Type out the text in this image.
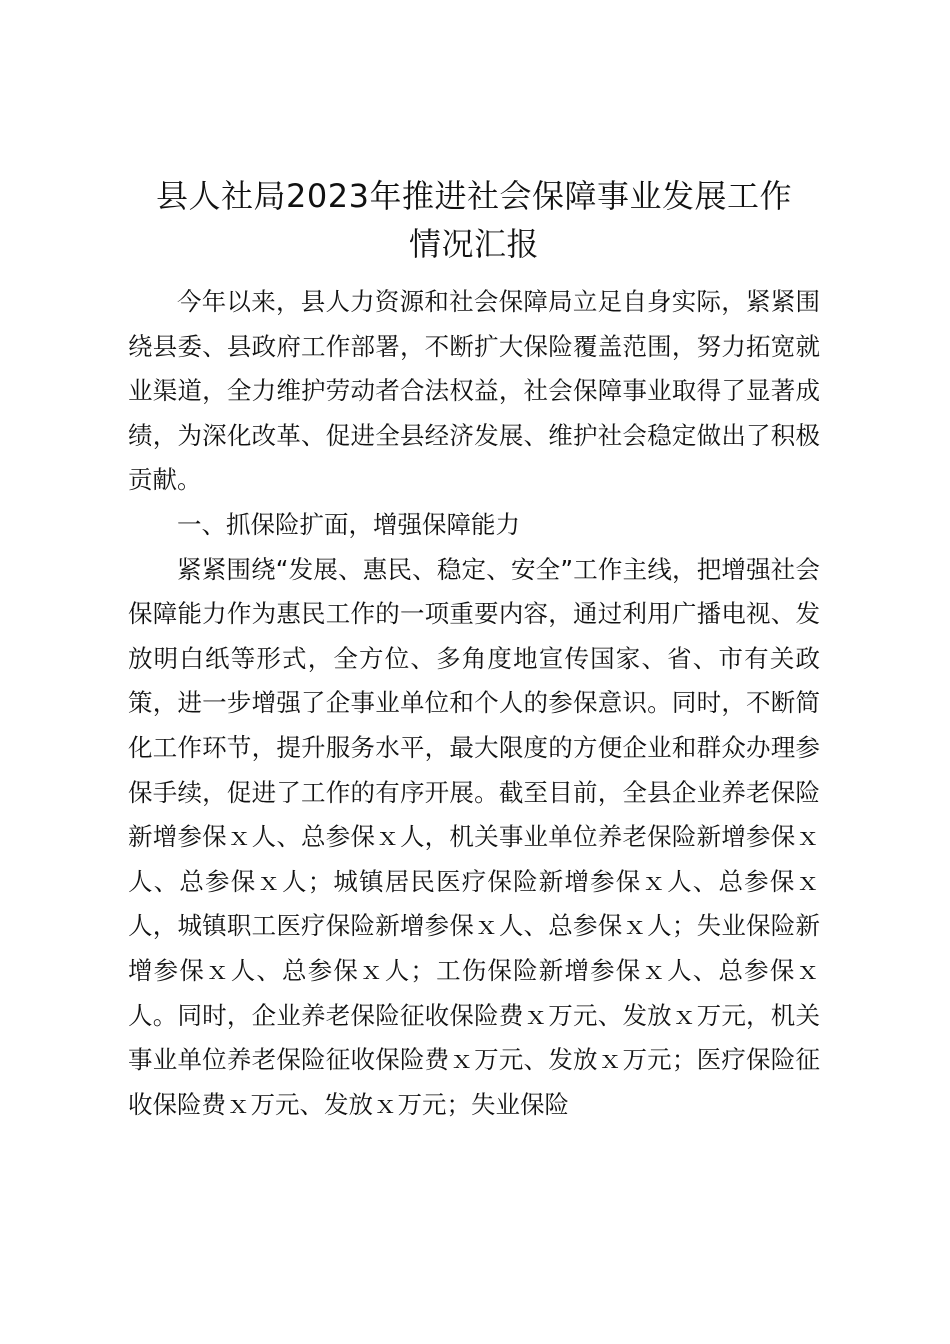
县人社局2023年推进社会保障事业发展工作
情况汇报

今年以来，县人力资源和社会保障局立足自身实际，紧紧围绕县委、县政府工作部署，不断扩大保险覆盖范围，努力拓宽就业渠道，全力维护劳动者合法权益，社会保障事业取得了显著成绩，为深化改革、促进全县经济发展、维护社会稳定做出了积极贡献。

一、抓保险扩面，增强保障能力

紧紧围绕“发展、惠民、稳定、安全”工作主线，把增强社会保障能力作为惠民工作的一项重要内容，通过利用广播电视、发放明白纸等形式，全方位、多角度地宣传国家、省、市有关政策，进一步增强了企事业单位和个人的参保意识。同时，不断简化工作环节，提升服务水平，最大限度的方便企业和群众办理参保手续，促进了工作的有序开展。截至目前，全县企业养老保险新增参保ｘ人、总参保ｘ人，机关事业单位养老保险新增参保ｘ人、总参保ｘ人；城镇居民医疗保险新增参保ｘ人、总参保ｘ人，城镇职工医疗保险新增参保ｘ人、总参保ｘ人；失业保险新增参保ｘ人、总参保ｘ人；工伤保险新增参保ｘ人、总参保ｘ人。同时，企业养老保险征收保险费ｘ万元、发放ｘ万元，机关事业单位养老保险征收保险费ｘ万元、发放ｘ万元；医疗保险征收保险费ｘ万元、发放ｘ万元；失业保险
